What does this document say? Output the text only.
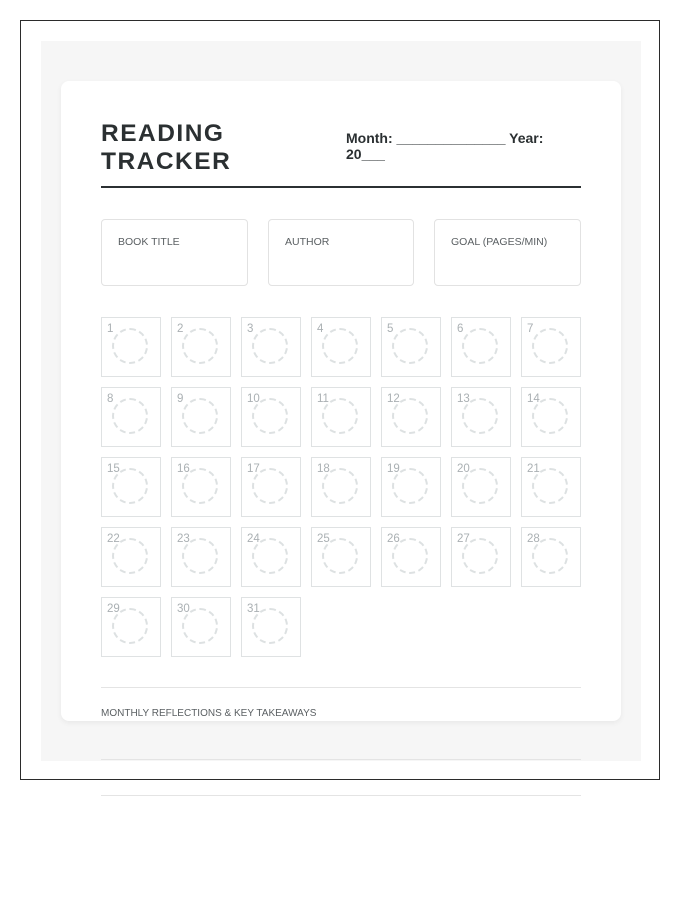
READING
TRACKER
Month: ______________ Year: 20___
BOOK TITLE	AUTHOR	GOAL (PAGES/MIN)
1	2	3	4	5	6	7
8	9	10	11	12	13	14
15	16	17	18	19	20	21
22	23	24	25	26	27	28
29	30	31
MONTHLY REFLECTIONS & KEY TAKEAWAYS
